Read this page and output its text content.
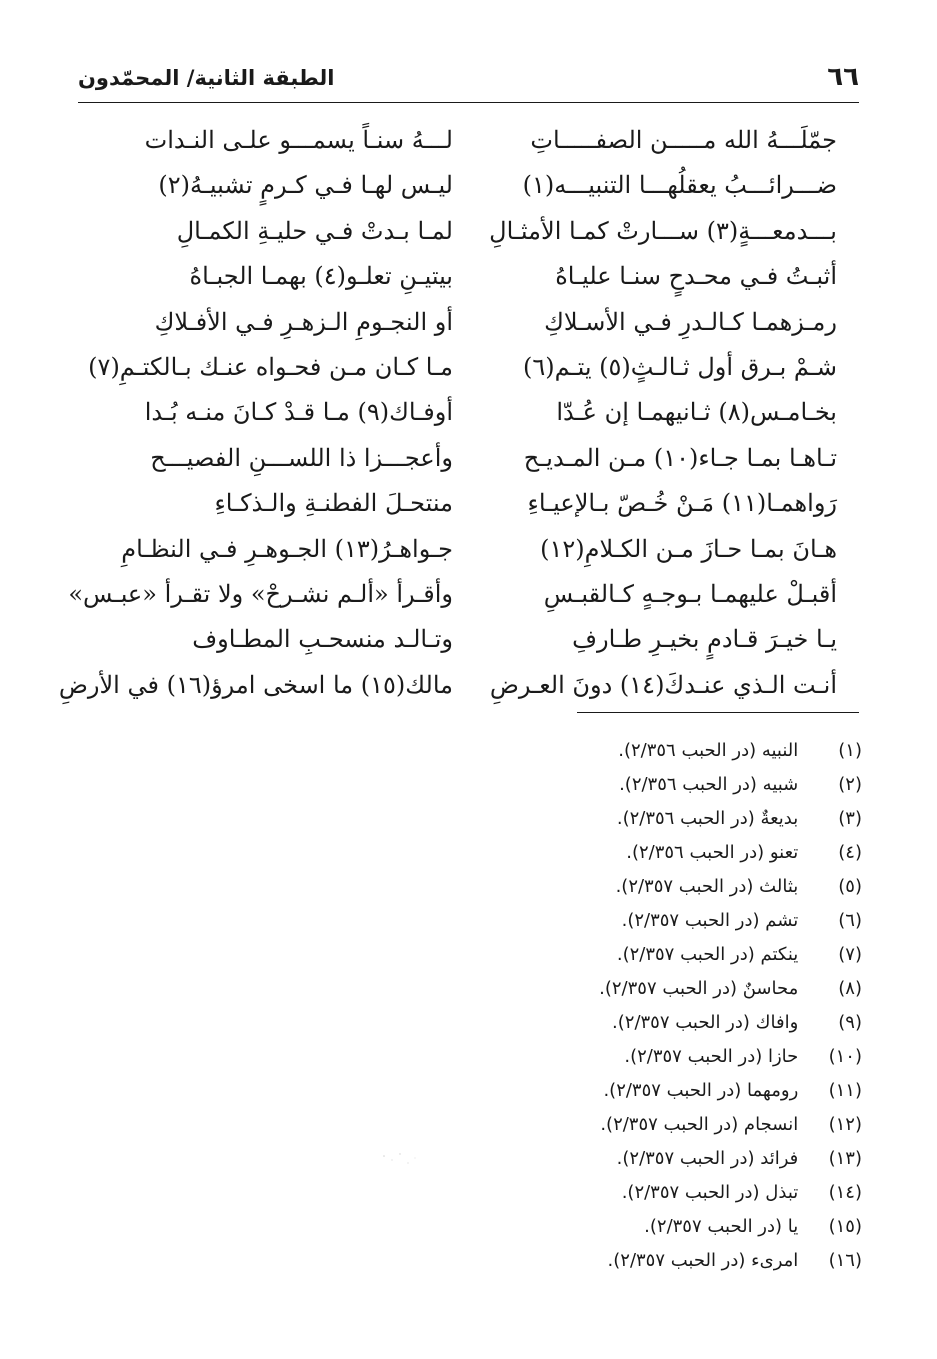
٦٦
الطبقة الثانية/ المحمّدون
جمّلَـــهُ الله مـــــن الصفـــــاتِ
لـــهُ سنـاً يسمـــو علـى النـدات
ضـــرائـــبُ يعقلُهـــا التنبيـــه(١)
ليـس لهـا فـي كـرمٍ تشبيـهُ(٢)
بـــدمعـــةٍ(٣) ســـارتْ كمـا الأمثـالِ
لمـا بـدتْ فـي حليـةِ الكمـالِ
أثبـتُ فـي محـدحٍ سنـا عليـاهُ
بيتيـنِ تعلـو(٤) بهمـا الجبـاهُ
رمـزهمـا كـالـدرِ فـي الأسـلاكِ
أو النجـومِ الـزهـرِ فـي الأفـلاكِ
شـمْ بـرق أول ثـالـثٍ(٥) يتـم(٦)
مـا كـان مـن فحـواه عنـك بـالكتـمِ(٧)
بخـامـس(٨) ثـانيهمـا إن عُـدّا
أوفـاك(٩) مـا قـدْ كـانَ منـه بُـدا
تـاهـا بمـا جـاء(١٠) مـن المـديـح
وأعجـــزا ذا اللســـنِ الفصيـــح
رَواهمـا(١١) مَـنْ خُـصّ بـالإعيـاءِ
منتحـلَ الفطنـةِ والـذكـاءِ
هـانَ بمـا حـازَ مـن الكـلامِ(١٢)
جـواهـرُ(١٣) الجـوهـرِ فـي النظـامِ
أقبـلْ عليهمـا بـوجـهٍ كـالقبـسِ
وأقـرأ «ألـم نشـرحْ» ولا تقـرأ «عبـس»
يـا خيـرَ قـادمٍ بخيـرِ طـارفِ
وتـالـد منسحـبِ المطـاوف
أنـت الـذي عنـدكَ(١٤) دونَ العـرضِ
مالك(١٥) ما اسخى امرؤ(١٦) في الأرضِ
(١) النبيه (در الحبب ٢/٣٥٦).
(٢) شبيه (در الحبب ٢/٣٥٦).
(٣) بديعةٌ (در الحبب ٢/٣٥٦).
(٤) تعنو (در الحبب ٢/٣٥٦).
(٥) بثالث (در الحبب ٢/٣٥٧).
(٦) تشم (در الحبب ٢/٣٥٧).
(٧) ينكتم (در الحبب ٢/٣٥٧).
(٨) محاسنٌ (در الحبب ٢/٣٥٧).
(٩) وافاك (در الحبب ٢/٣٥٧).
(١٠) حازا (در الحبب ٢/٣٥٧).
(١١) رومهما (در الحبب ٢/٣٥٧).
(١٢) انسجام (در الحبب ٢/٣٥٧).
(١٣) فرائد (در الحبب ٢/٣٥٧).
(١٤) تبذل (در الحبب ٢/٣٥٧).
(١٥) يا (در الحبب ٢/٣٥٧).
(١٦) امرىء (در الحبب ٢/٣٥٧).
